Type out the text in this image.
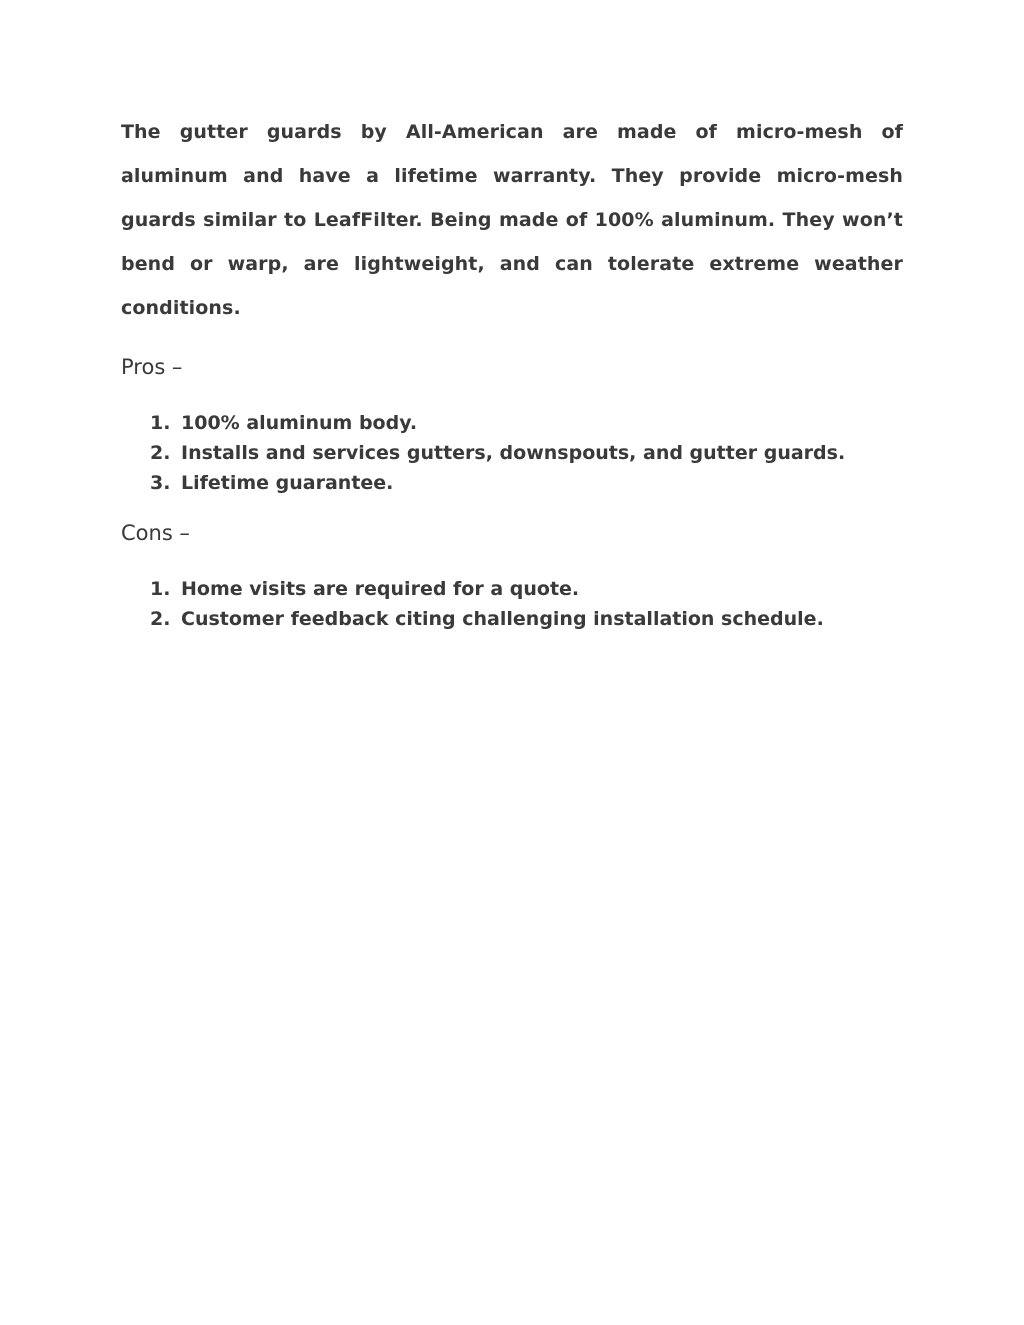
The gutter guards by All-American are made of micro-mesh of aluminum and have a lifetime warranty. They provide micro-mesh guards similar to LeafFilter. Being made of 100% aluminum. They won’t bend or warp, are lightweight, and can tolerate extreme weather conditions.

Pros –
1. 100% aluminum body.
2. Installs and services gutters, downspouts, and gutter guards.
3. Lifetime guarantee.
Cons –
1. Home visits are required for a quote.
2. Customer feedback citing challenging installation schedule.
